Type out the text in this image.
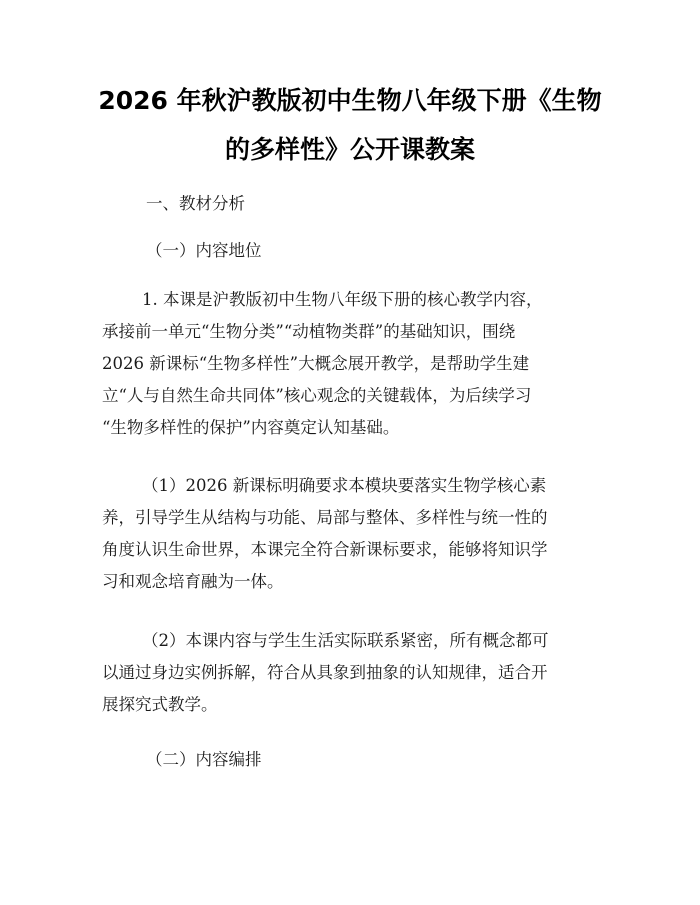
2026 年秋沪教版初中生物八年级下册《生物
的多样性》公开课教案
一、教材分析
（一）内容地位
1. 本课是沪教版初中生物八年级下册的核心教学内容，
承接前一单元“生物分类”“动植物类群”的基础知识，围绕
2026 新课标“生物多样性”大概念展开教学，是帮助学生建
立“人与自然生命共同体”核心观念的关键载体，为后续学习
“生物多样性的保护”内容奠定认知基础。
（1）2026 新课标明确要求本模块要落实生物学核心素
养，引导学生从结构与功能、局部与整体、多样性与统一性的
角度认识生命世界，本课完全符合新课标要求，能够将知识学
习和观念培育融为一体。
（2）本课内容与学生生活实际联系紧密，所有概念都可
以通过身边实例拆解，符合从具象到抽象的认知规律，适合开
展探究式教学。
（二）内容编排
